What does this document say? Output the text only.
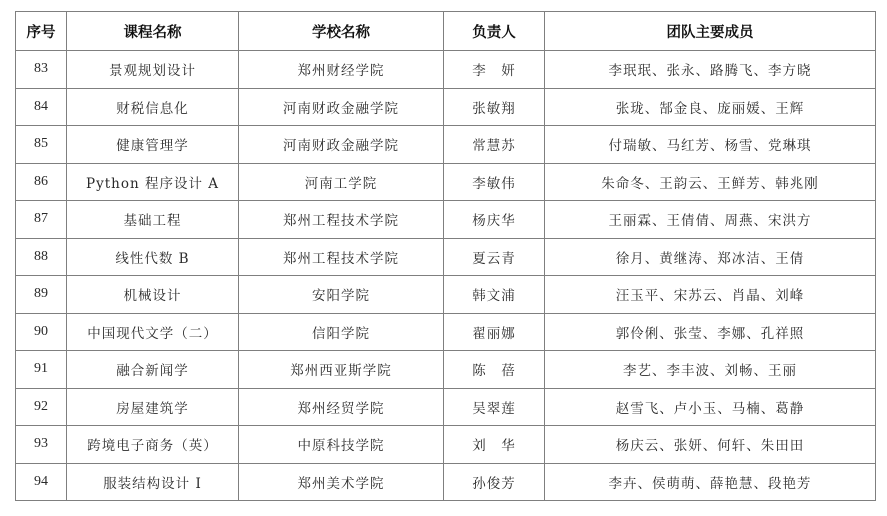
序号	课程名称	学校名称	负责人	团队主要成员
83	景观规划设计	郑州财经学院	李　妍	李珉珉、张永、路腾飞、李方晓
84	财税信息化	河南财政金融学院	张敏翔	张珑、郜金良、庞丽媛、王辉
85	健康管理学	河南财政金融学院	常慧苏	付瑞敏、马红芳、杨雪、党琳琪
86	Python 程序设计 A	河南工学院	李敏伟	朱命冬、王韵云、王鲜芳、韩兆刚
87	基础工程	郑州工程技术学院	杨庆华	王丽霖、王倩倩、周燕、宋洪方
88	线性代数 B	郑州工程技术学院	夏云青	徐月、黄继涛、郑冰洁、王倩
89	机械设计	安阳学院	韩文浦	汪玉平、宋苏云、肖晶、刘峰
90	中国现代文学（二）	信阳学院	翟丽娜	郭伶俐、张莹、李娜、孔祥照
91	融合新闻学	郑州西亚斯学院	陈　蓓	李艺、李丰波、刘畅、王丽
92	房屋建筑学	郑州经贸学院	吴翠莲	赵雪飞、卢小玉、马楠、葛静
93	跨境电子商务（英）	中原科技学院	刘　华	杨庆云、张妍、何轩、朱田田
94	服装结构设计 I	郑州美术学院	孙俊芳	李卉、侯萌萌、薛艳慧、段艳芳
